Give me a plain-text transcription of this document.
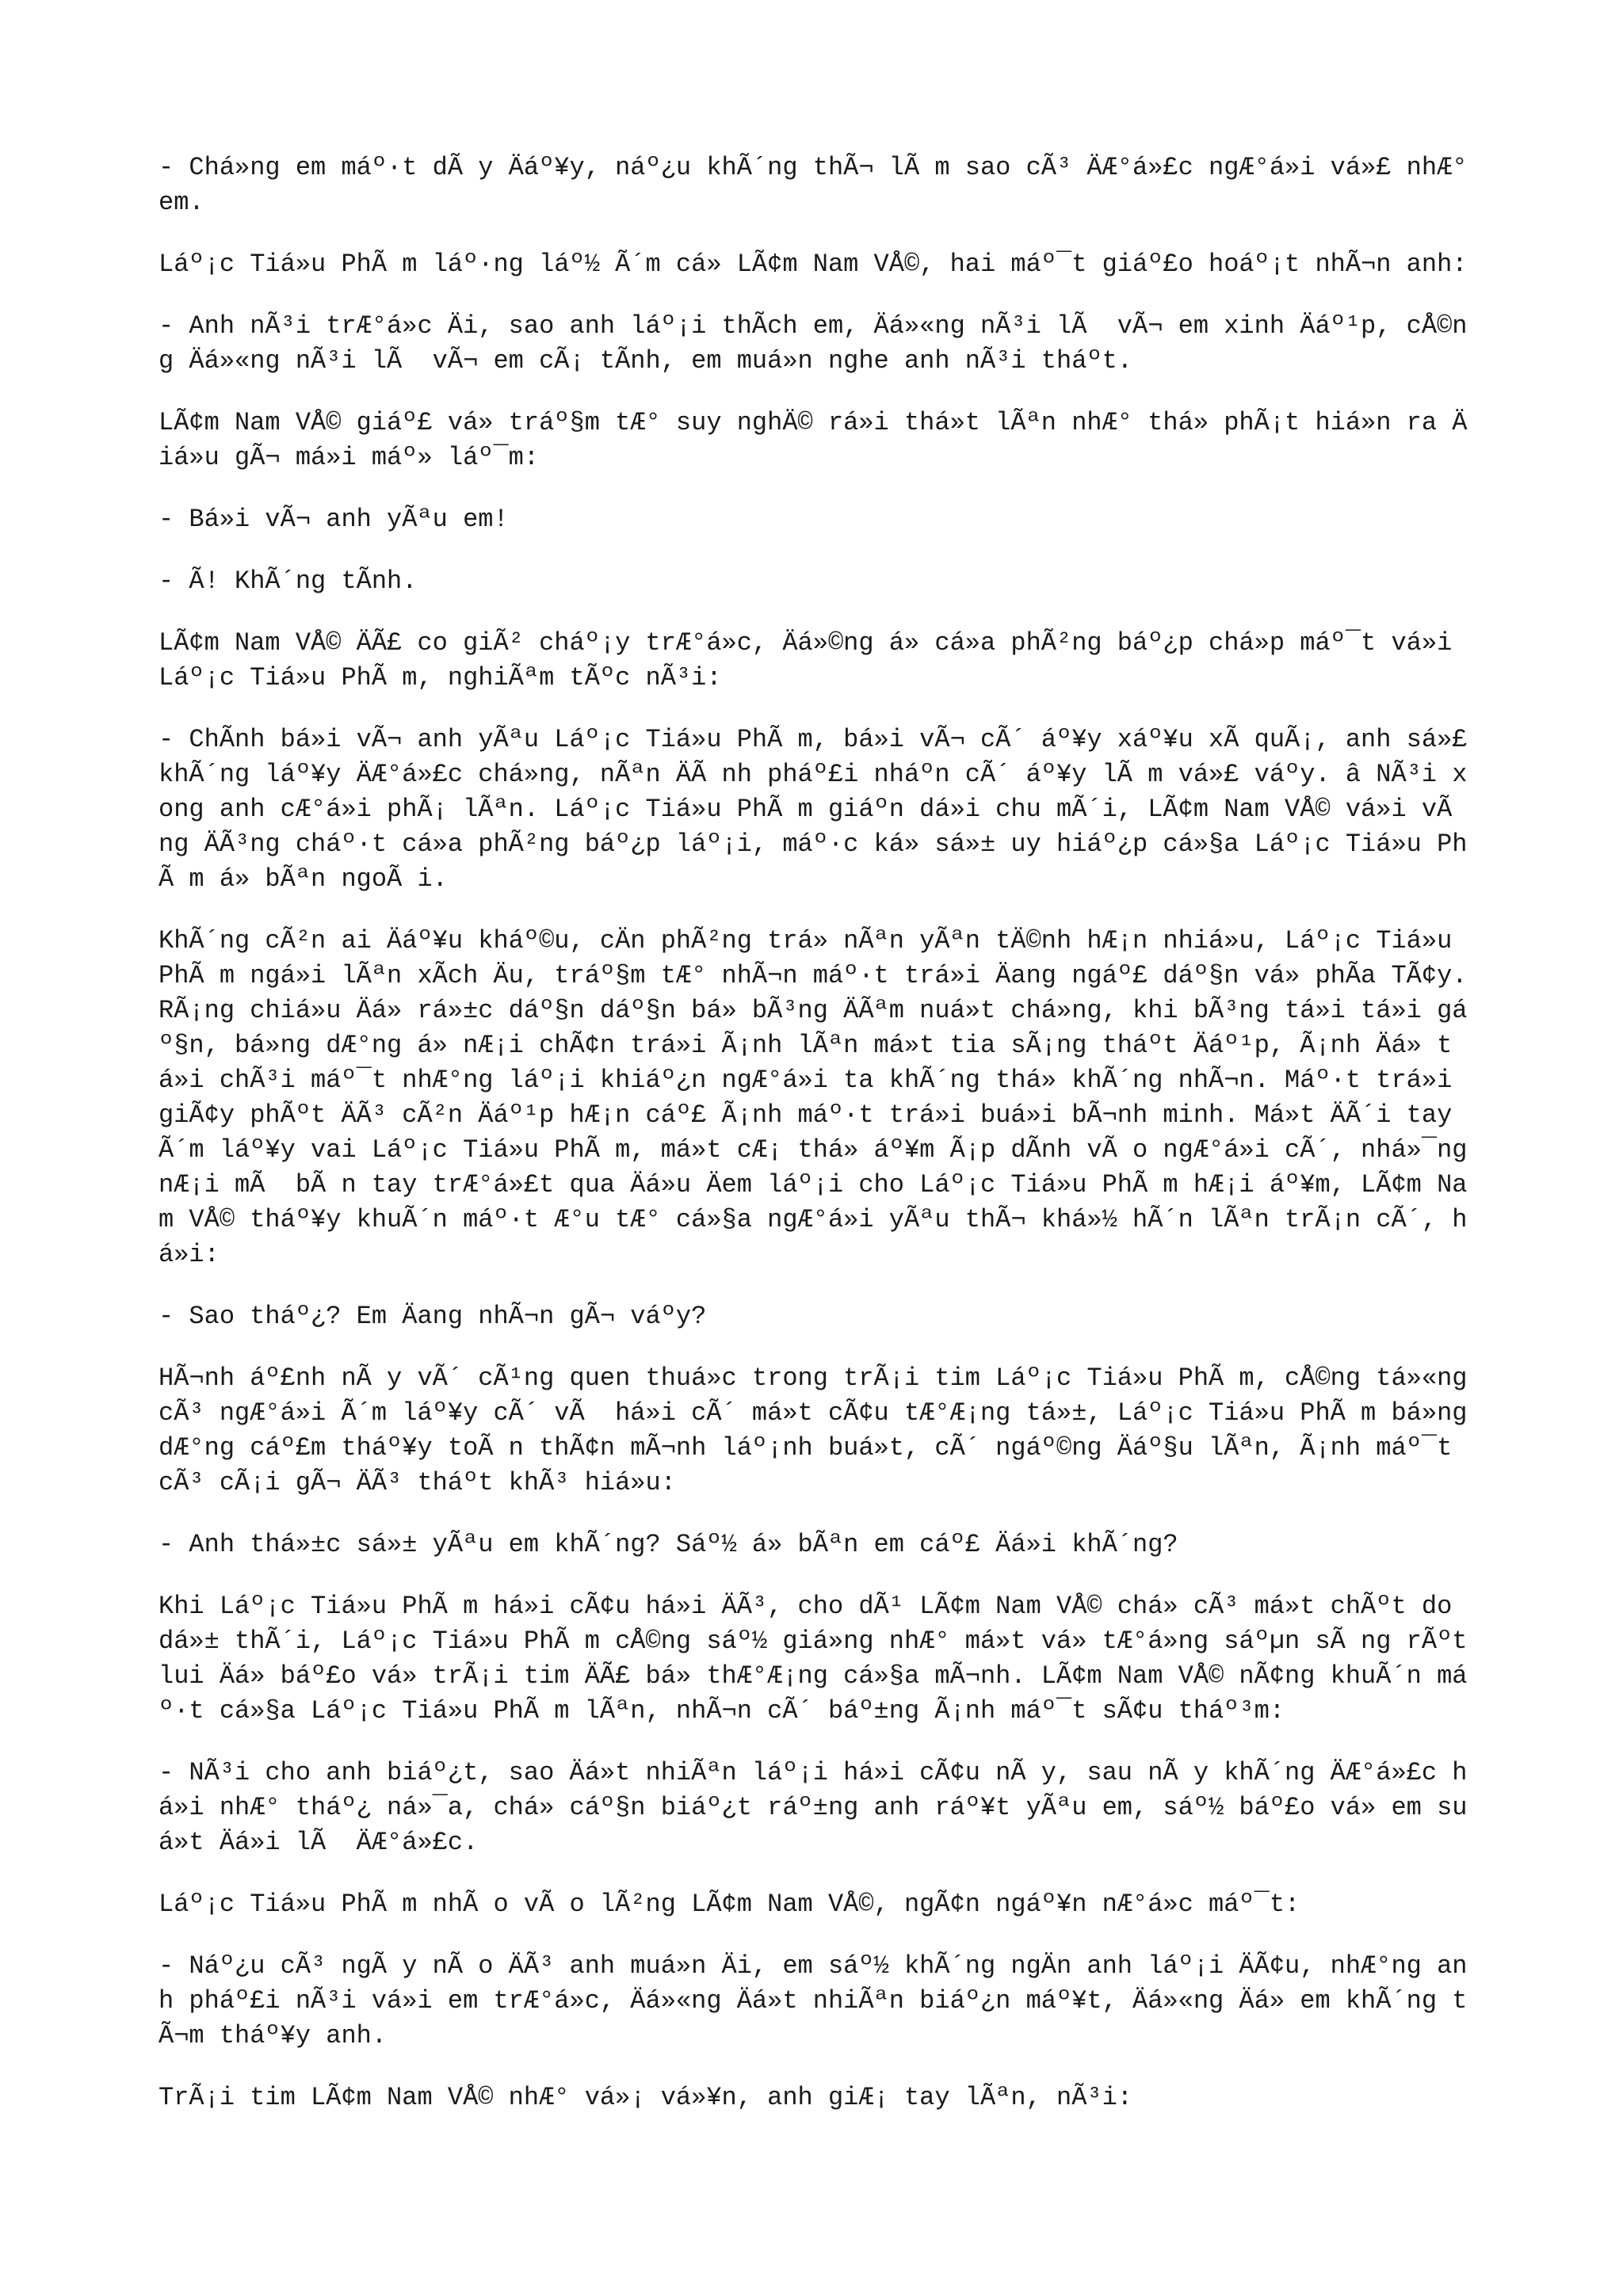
- Chá»ng em máº·t dÃ y Äáº¥y, náº¿u khÃ´ng thÃ¬ lÃ m sao cÃ³ ÄÆ°á»£c ngÆ°á»i vá»£ nhÆ° em.

Láº¡c Tiá»u PhÃ m láº·ng láº½ Ã´m cá» LÃ¢m Nam VÅ©, hai máº¯t giáº£o hoáº¡t nhÃ¬n anh:

- Anh nÃ³i trÆ°á»c Äi, sao anh láº¡i thÃch em, Äá»«ng nÃ³i lÃ  vÃ¬ em xinh Äáº¹p, cÅ©ng Äá»«ng nÃ³i lÃ  vÃ¬ em cÃ¡ tÃnh, em muá»n nghe anh nÃ³i tháºt.

LÃ¢m Nam VÅ© giáº£ vá» tráº§m tÆ° suy nghÄ© rá»i thá»t lÃªn nhÆ° thá» phÃ¡t hiá»n ra Äiá»u gÃ¬ má»i máº» láº¯m:

- Bá»i vÃ¬ anh yÃªu em!

- Ã! KhÃ´ng tÃnh.

LÃ¢m Nam VÅ© ÄÃ£ co giÃ² cháº¡y trÆ°á»c, Äá»©ng á» cá»a phÃ²ng báº¿p chá»p máº¯t vá»i Láº¡c Tiá»u PhÃ m, nghiÃªm tÃºc nÃ³i:

- ChÃnh bá»i vÃ¬ anh yÃªu Láº¡c Tiá»u PhÃ m, bá»i vÃ¬ cÃ´ áº¥y xáº¥u xÃ quÃ¡, anh sá»£ khÃ´ng láº¥y ÄÆ°á»£c chá»ng, nÃªn ÄÃ nh pháº£i nháºn cÃ´ áº¥y lÃ m vá»£ váºy. â NÃ³i xong anh cÆ°á»i phÃ¡ lÃªn. Láº¡c Tiá»u PhÃ m giáºn dá»i chu mÃ´i, LÃ¢m Nam VÅ© vá»i vÃ ng ÄÃ³ng cháº·t cá»a phÃ²ng báº¿p láº¡i, máº·c ká» sá»± uy hiáº¿p cá»§a Láº¡c Tiá»u PhÃ m á» bÃªn ngoÃ i.

KhÃ´ng cÃ²n ai Äáº¥u kháº©u, cÄn phÃ²ng trá» nÃªn yÃªn tÄ©nh hÆ¡n nhiá»u, Láº¡c Tiá»u PhÃ m ngá»i lÃªn xÃch Äu, tráº§m tÆ° nhÃ¬n máº·t trá»i Äang ngáº£ dáº§n vá» phÃa TÃ¢y. RÃ¡ng chiá»u Äá» rá»±c dáº§n dáº§n bá» bÃ³ng ÄÃªm nuá»t chá»ng, khi bÃ³ng tá»i tá»i gáº§n, bá»ng dÆ°ng á» nÆ¡i chÃ¢n trá»i Ã¡nh lÃªn má»t tia sÃ¡ng tháºt Äáº¹p, Ã¡nh Äá» tá»i chÃ³i máº¯t nhÆ°ng láº¡i khiáº¿n ngÆ°á»i ta khÃ´ng thá» khÃ´ng nhÃ¬n. Máº·t trá»i giÃ¢y phÃºt ÄÃ³ cÃ²n Äáº¹p hÆ¡n cáº£ Ã¡nh máº·t trá»i buá»i bÃ¬nh minh. Má»t ÄÃ´i tay Ã´m láº¥y vai Láº¡c Tiá»u PhÃ m, má»t cÆ¡ thá» áº¥m Ã¡p dÃnh vÃ o ngÆ°á»i cÃ´, nhá»¯ng nÆ¡i mÃ  bÃ n tay trÆ°á»£t qua Äá»u Äem láº¡i cho Láº¡c Tiá»u PhÃ m hÆ¡i áº¥m, LÃ¢m Nam VÅ© tháº¥y khuÃ´n máº·t Æ°u tÆ° cá»§a ngÆ°á»i yÃªu thÃ¬ khá»½ hÃ´n lÃªn trÃ¡n cÃ´, há»i:

- Sao tháº¿? Em Äang nhÃ¬n gÃ¬ váºy?

HÃ¬nh áº£nh nÃ y vÃ´ cÃ¹ng quen thuá»c trong trÃ¡i tim Láº¡c Tiá»u PhÃ m, cÅ©ng tá»«ng cÃ³ ngÆ°á»i Ã´m láº¥y cÃ´ vÃ  há»i cÃ´ má»t cÃ¢u tÆ°Æ¡ng tá»±, Láº¡c Tiá»u PhÃ m bá»ng dÆ°ng cáº£m tháº¥y toÃ n thÃ¢n mÃ¬nh láº¡nh buá»t, cÃ´ ngáº©ng Äáº§u lÃªn, Ã¡nh máº¯t cÃ³ cÃ¡i gÃ¬ ÄÃ³ tháºt khÃ³ hiá»u:

- Anh thá»±c sá»± yÃªu em khÃ´ng? Sáº½ á» bÃªn em cáº£ Äá»i khÃ´ng?

Khi Láº¡c Tiá»u PhÃ m há»i cÃ¢u há»i ÄÃ³, cho dÃ¹ LÃ¢m Nam VÅ© chá» cÃ³ má»t chÃºt do dá»± thÃ´i, Láº¡c Tiá»u PhÃ m cÅ©ng sáº½ giá»ng nhÆ° má»t vá» tÆ°á»ng sáºµn sÃ ng rÃºt lui Äá» báº£o vá» trÃ¡i tim ÄÃ£ bá» thÆ°Æ¡ng cá»§a mÃ¬nh. LÃ¢m Nam VÅ© nÃ¢ng khuÃ´n máº·t cá»§a Láº¡c Tiá»u PhÃ m lÃªn, nhÃ¬n cÃ´ báº±ng Ã¡nh máº¯t sÃ¢u tháº³m:

- NÃ³i cho anh biáº¿t, sao Äá»t nhiÃªn láº¡i há»i cÃ¢u nÃ y, sau nÃ y khÃ´ng ÄÆ°á»£c há»i nhÆ° tháº¿ ná»¯a, chá» cáº§n biáº¿t ráº±ng anh ráº¥t yÃªu em, sáº½ báº£o vá» em suá»t Äá»i lÃ  ÄÆ°á»£c.

Láº¡c Tiá»u PhÃ m nhÃ o vÃ o lÃ²ng LÃ¢m Nam VÅ©, ngÃ¢n ngáº¥n nÆ°á»c máº¯t:

- Náº¿u cÃ³ ngÃ y nÃ o ÄÃ³ anh muá»n Äi, em sáº½ khÃ´ng ngÄn anh láº¡i ÄÃ¢u, nhÆ°ng anh pháº£i nÃ³i vá»i em trÆ°á»c, Äá»«ng Äá»t nhiÃªn biáº¿n máº¥t, Äá»«ng Äá» em khÃ´ng tÃ¬m tháº¥y anh.

TrÃ¡i tim LÃ¢m Nam VÅ© nhÆ° vá»¡ vá»¥n, anh giÆ¡ tay lÃªn, nÃ³i:
